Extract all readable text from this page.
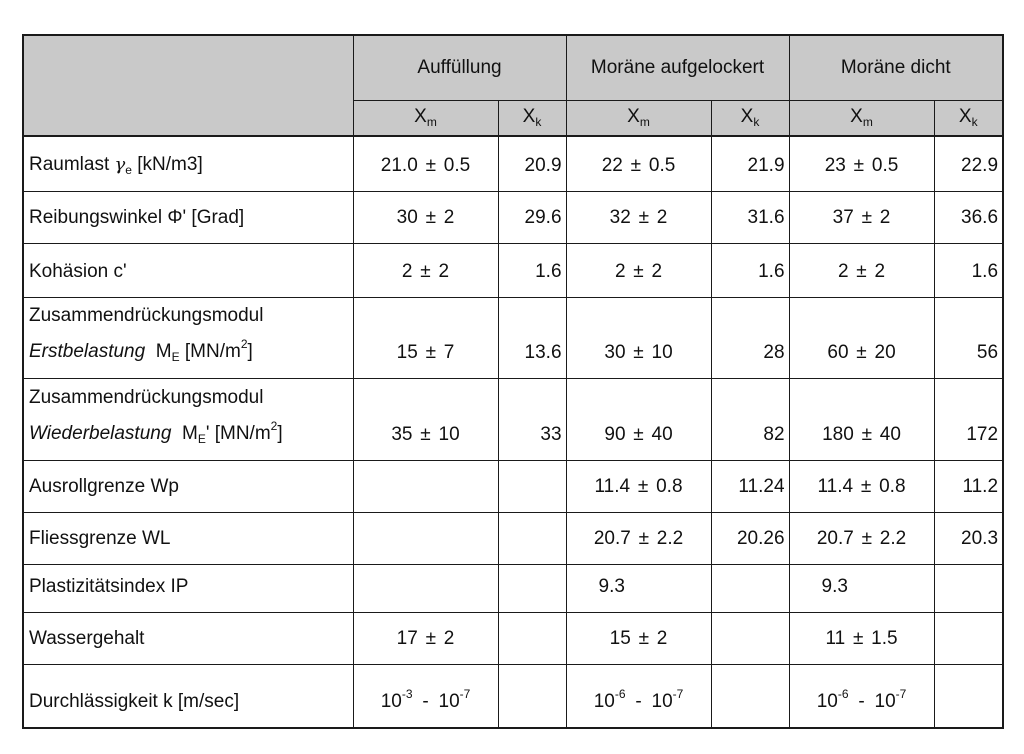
	Auffüllung		Moräne aufgelockert		Moräne dicht	
	$X_m$	$X_k$	$X_m$	$X_k$	$X_m$	$X_k$
Raumlast $\gamma_e$ [kN/m3]	21.0 ± 0.5	20.9	22 ± 0.5	21.9	23 ± 0.5	22.9
Reibungswinkel Φ' [Grad]	30 ± 2	29.6	32 ± 2	31.6	37 ± 2	36.6
Kohäsion c'	2 ± 2	1.6	2 ± 2	1.6	2 ± 2	1.6

Zusammendrückungsmodul
Erstbelastung $M_E$ $[MN/m^2]$	15 ± 7	13.6	30 ± 10	28	60 ± 20	56

Zusammendrückungsmodul
Wiederbelastung $M_E'$ $[MN/m^2]$	35 ± 10	33	90 ± 40	82	180 ± 40	172
Ausrollgrenze Wp			11.4 ± 0.8	11.24	11.4 ± 0.8	11.2
Fliessgrenze WL			20.7 ± 2.2	20.26	20.7 ± 2.2	20.3
Plastizitätsindex IP			9.3		9.3	
Wassergehalt	17 ± 2		15 ± 2		11 ± 1.5	
Durchlässigkeit k [m/sec]	$10^{-3} - 10^{-7}$		$10^{-6} - 10^{-7}$		$10^{-6} - 10^{-7}$	
